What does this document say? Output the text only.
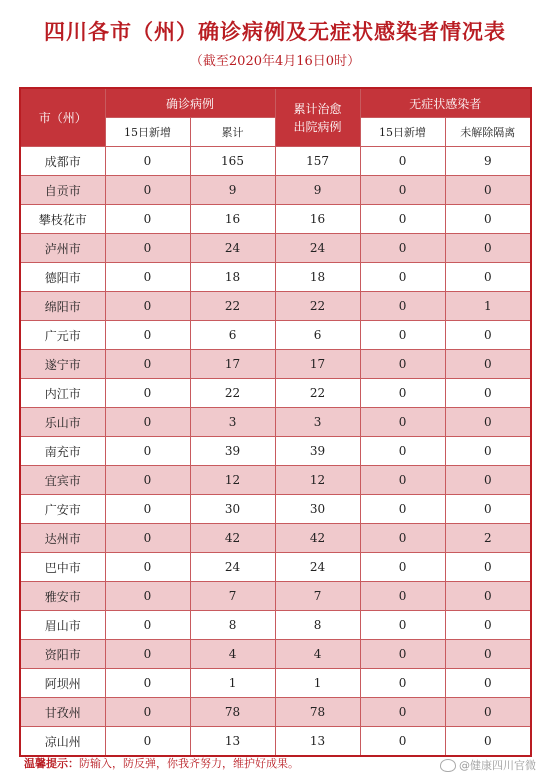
四川各市（州）确诊病例及无症状感染者情况表
（截至2020年4月16日0时）
市（州）	确诊病例		累计治愈出院病例	无症状感染者	
	15日新增	累计		15日新增	未解除隔离
成都市	0	165	157	0	9
自贡市	0	9	9	0	0
攀枝花市	0	16	16	0	0
泸州市	0	24	24	0	0
德阳市	0	18	18	0	0
绵阳市	0	22	22	0	1
广元市	0	6	6	0	0
遂宁市	0	17	17	0	0
内江市	0	22	22	0	0
乐山市	0	3	3	0	0
南充市	0	39	39	0	0
宜宾市	0	12	12	0	0
广安市	0	30	30	0	0
达州市	0	42	42	0	2
巴中市	0	24	24	0	0
雅安市	0	7	7	0	0
眉山市	0	8	8	0	0
资阳市	0	4	4	0	0
阿坝州	0	1	1	0	0
甘孜州	0	78	78	0	0
凉山州	0	13	13	0	0
温馨提示：防输入，防反弹，你我齐努力，维护好成果。	@健康四川官微
